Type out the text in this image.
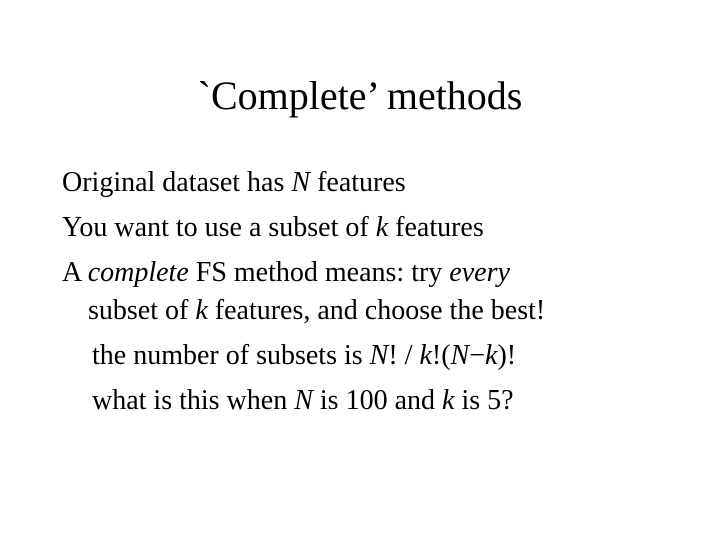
`Complete’ methods
Original dataset has N features
You want to use a subset of k features
A complete FS method means: try every
subset of k features, and choose the best!
the number of subsets is N! / k!(N−k)!
what is this when N is 100 and k is 5?
